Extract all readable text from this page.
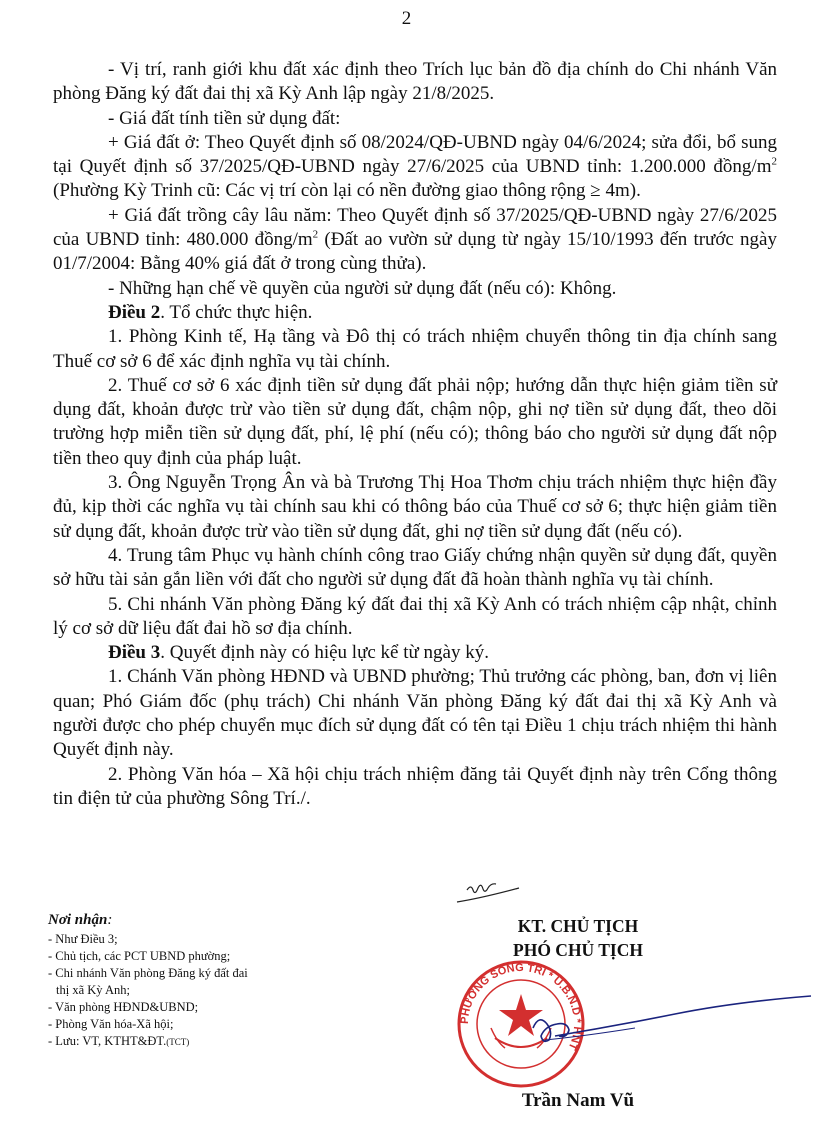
2

- Vị trí, ranh giới khu đất xác định theo Trích lục bản đồ địa chính do Chi nhánh Văn phòng Đăng ký đất đai thị xã Kỳ Anh lập ngày 21/8/2025.

- Giá đất tính tiền sử dụng đất:

+ Giá đất ở: Theo Quyết định số 08/2024/QĐ-UBND ngày 04/6/2024; sửa đổi, bổ sung tại Quyết định số 37/2025/QĐ-UBND ngày 27/6/2025 của UBND tỉnh: 1.200.000 đồng/$m^2$ (Phường Kỳ Trinh cũ: Các vị trí còn lại có nền đường giao thông rộng ≥ 4m).

+ Giá đất trồng cây lâu năm: Theo Quyết định số 37/2025/QĐ-UBND ngày 27/6/2025 của UBND tỉnh: 480.000 đồng/$m^2$ (Đất ao vườn sử dụng từ ngày 15/10/1993 đến trước ngày 01/7/2004: Bằng 40% giá đất ở trong cùng thửa).

- Những hạn chế về quyền của người sử dụng đất (nếu có): Không.

Điều 2. Tổ chức thực hiện.

1. Phòng Kinh tế, Hạ tầng và Đô thị có trách nhiệm chuyển thông tin địa chính sang Thuế cơ sở 6 để xác định nghĩa vụ tài chính.

2. Thuế cơ sở 6 xác định tiền sử dụng đất phải nộp; hướng dẫn thực hiện giảm tiền sử dụng đất, khoản được trừ vào tiền sử dụng đất, chậm nộp, ghi nợ tiền sử dụng đất, theo dõi trường hợp miễn tiền sử dụng đất, phí, lệ phí (nếu có); thông báo cho người sử dụng đất nộp tiền theo quy định của pháp luật.

3. Ông Nguyễn Trọng Ân và bà Trương Thị Hoa Thơm chịu trách nhiệm thực hiện đầy đủ, kịp thời các nghĩa vụ tài chính sau khi có thông báo của Thuế cơ sở 6; thực hiện giảm tiền sử dụng đất, khoản được trừ vào tiền sử dụng đất, ghi nợ tiền sử dụng đất (nếu có).

4. Trung tâm Phục vụ hành chính công trao Giấy chứng nhận quyền sử dụng đất, quyền sở hữu tài sản gắn liền với đất cho người sử dụng đất đã hoàn thành nghĩa vụ tài chính.

5. Chi nhánh Văn phòng Đăng ký đất đai thị xã Kỳ Anh có trách nhiệm cập nhật, chỉnh lý cơ sở dữ liệu đất đai hồ sơ địa chính.

Điều 3. Quyết định này có hiệu lực kể từ ngày ký.

1. Chánh Văn phòng HĐND và UBND phường; Thủ trưởng các phòng, ban, đơn vị liên quan; Phó Giám đốc (phụ trách) Chi nhánh Văn phòng Đăng ký đất đai thị xã Kỳ Anh và người được cho phép chuyển mục đích sử dụng đất có tên tại Điều 1 chịu trách nhiệm thi hành Quyết định này.

2. Phòng Văn hóa – Xã hội chịu trách nhiệm đăng tải Quyết định này trên Cổng thông tin điện tử của phường Sông Trí./.

Nơi nhận:
- Như Điều 3;
- Chủ tịch, các PCT UBND phường;
- Chi nhánh Văn phòng Đăng ký đất đai
thị xã Kỳ Anh;
- Văn phòng HĐND&UBND;
- Phòng Văn hóa-Xã hội;
- Lưu: VT, KTHT&ĐT.(TCT)
KT. CHỦ TỊCH
PHÓ CHỦ TỊCH
PHƯỜNG SÔNG TRÍ * U.B.N.D * HNT
Trần Nam Vũ
